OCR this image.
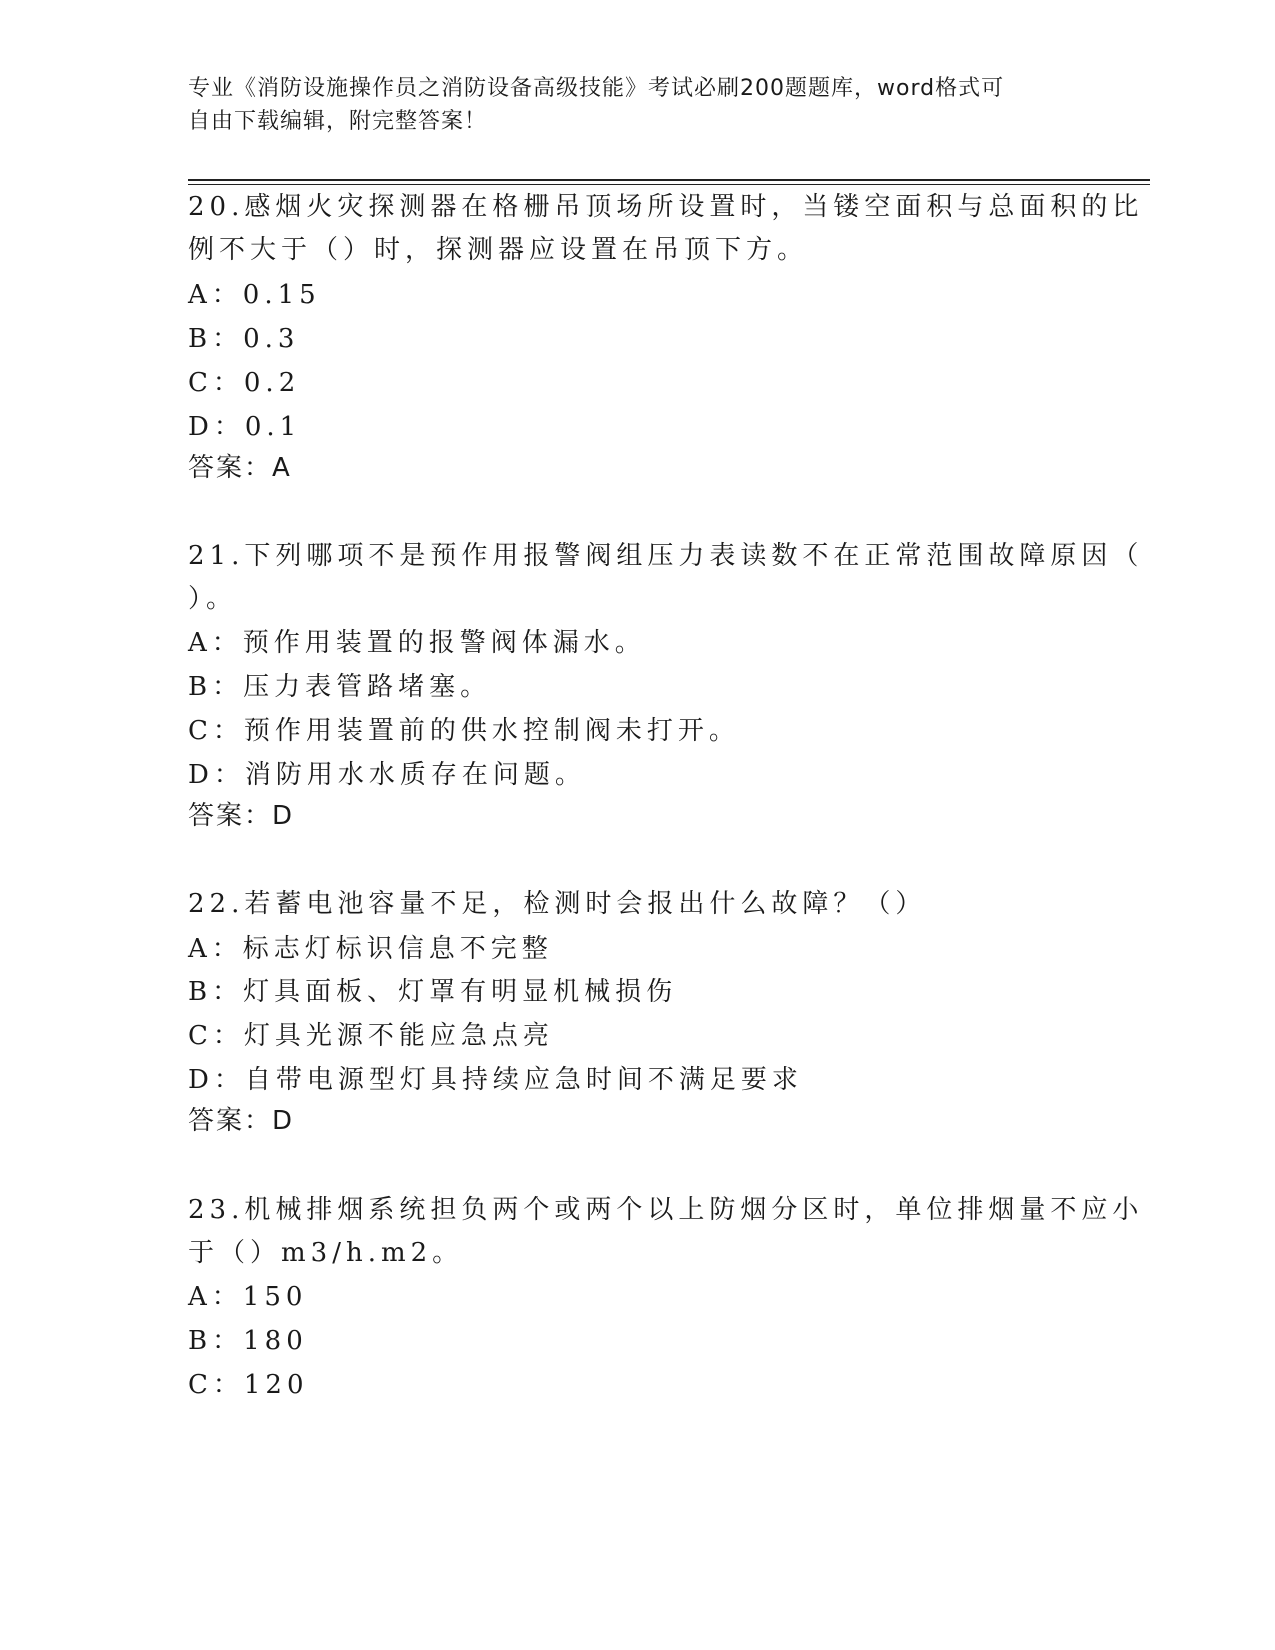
专业《消防设施操作员之消防设备高级技能》考试必刷200题题库，word格式可
自由下载编辑，附完整答案！
20.感烟火灾探测器在格栅吊顶场所设置时，当镂空面积与总面积的比
例不大于（）时，探测器应设置在吊顶下方。
A：0.15
B：0.3
C：0.2
D：0.1
答案：A
21.下列哪项不是预作用报警阀组压力表读数不在正常范围故障原因（
）。
A：预作用装置的报警阀体漏水。
B：压力表管路堵塞。
C：预作用装置前的供水控制阀未打开。
D：消防用水水质存在问题。
答案：D
22.若蓄电池容量不足，检测时会报出什么故障？（）
A：标志灯标识信息不完整
B：灯具面板、灯罩有明显机械损伤
C：灯具光源不能应急点亮
D：自带电源型灯具持续应急时间不满足要求
答案：D
23.机械排烟系统担负两个或两个以上防烟分区时，单位排烟量不应小
于（）m3/h.m2。
A：150
B：180
C：120
